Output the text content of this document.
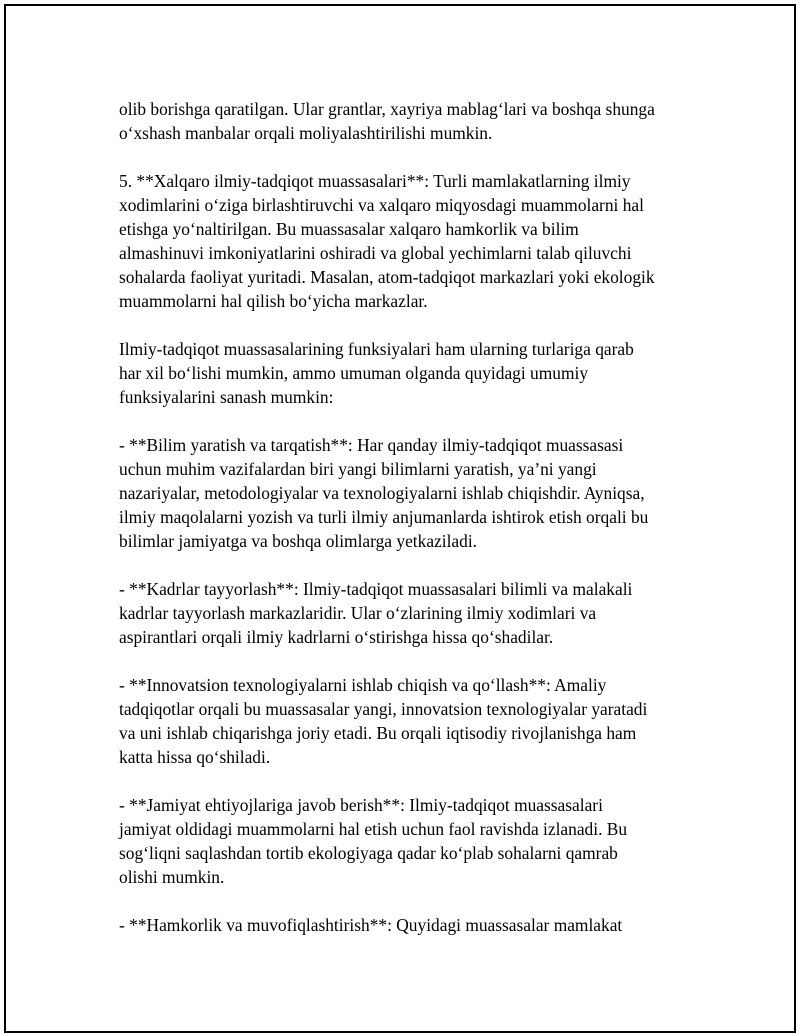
olib borishga qaratilgan. Ular grantlar, xayriya mablag‘lari va boshqa shunga
o‘xshash manbalar orqali moliyalashtirilishi mumkin.

5. **Xalqaro ilmiy-tadqiqot muassasalari**: Turli mamlakatlarning ilmiy
xodimlarini o‘ziga birlashtiruvchi va xalqaro miqyosdagi muammolarni hal
etishga yo‘naltirilgan. Bu muassasalar xalqaro hamkorlik va bilim
almashinuvi imkoniyatlarini oshiradi va global yechimlarni talab qiluvchi
sohalarda faoliyat yuritadi. Masalan, atom-tadqiqot markazlari yoki ekologik
muammolarni hal qilish bo‘yicha markazlar.

Ilmiy-tadqiqot muassasalarining funksiyalari ham ularning turlariga qarab
har xil bo‘lishi mumkin, ammo umuman olganda quyidagi umumiy
funksiyalarini sanash mumkin:

- **Bilim yaratish va tarqatish**: Har qanday ilmiy-tadqiqot muassasasi
uchun muhim vazifalardan biri yangi bilimlarni yaratish, ya’ni yangi
nazariyalar, metodologiyalar va texnologiyalarni ishlab chiqishdir. Ayniqsa,
ilmiy maqolalarni yozish va turli ilmiy anjumanlarda ishtirok etish orqali bu
bilimlar jamiyatga va boshqa olimlarga yetkaziladi.

- **Kadrlar tayyorlash**: Ilmiy-tadqiqot muassasalari bilimli va malakali
kadrlar tayyorlash markazlaridir. Ular o‘zlarining ilmiy xodimlari va
aspirantlari orqali ilmiy kadrlarni o‘stirishga hissa qo‘shadilar.

- **Innovatsion texnologiyalarni ishlab chiqish va qo‘llash**: Amaliy
tadqiqotlar orqali bu muassasalar yangi, innovatsion texnologiyalar yaratadi
va uni ishlab chiqarishga joriy etadi. Bu orqali iqtisodiy rivojlanishga ham
katta hissa qo‘shiladi.

- **Jamiyat ehtiyojlariga javob berish**: Ilmiy-tadqiqot muassasalari
jamiyat oldidagi muammolarni hal etish uchun faol ravishda izlanadi. Bu
sog‘liqni saqlashdan tortib ekologiyaga qadar ko‘plab sohalarni qamrab
olishi mumkin.

- **Hamkorlik va muvofiqlashtirish**: Quyidagi muassasalar mamlakat
